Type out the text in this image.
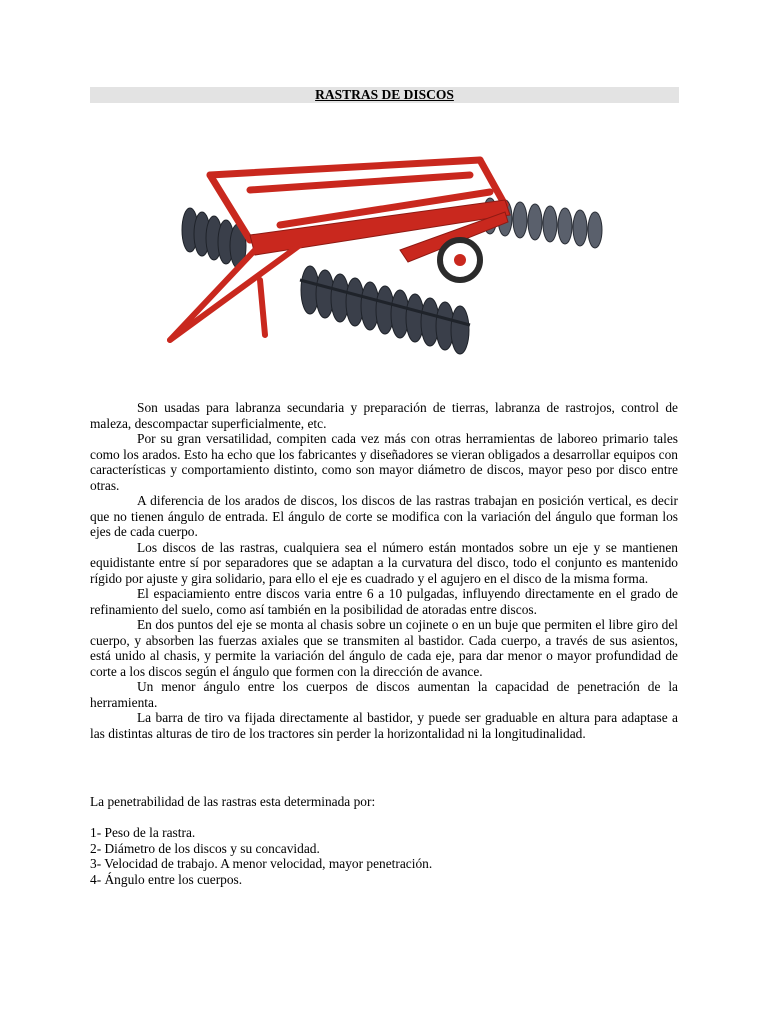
RASTRAS DE DISCOS

Son usadas para labranza secundaria y preparación de tierras, labranza de rastrojos, control de maleza, descompactar superficialmente, etc.

Por su gran versatilidad, compiten cada vez más con otras herramientas de laboreo primario tales como los arados. Esto ha echo que los fabricantes y diseñadores se vieran obligados a desarrollar equipos con características y comportamiento distinto, como son mayor diámetro de discos, mayor peso por disco entre otras.

A diferencia de los arados de discos, los discos de las rastras trabajan en posición vertical, es decir que no tienen ángulo de entrada. El ángulo de corte se modifica con la variación del ángulo que forman los ejes de cada cuerpo.

Los discos de las rastras, cualquiera sea el número están montados sobre un eje y se mantienen equidistante entre sí por separadores que se adaptan a la curvatura del disco, todo el conjunto es mantenido rígido por ajuste y gira solidario, para ello el eje es cuadrado y el agujero en el disco de la misma forma.

El espaciamiento entre discos varia entre 6 a 10 pulgadas, influyendo directamente en el grado de refinamiento del suelo, como así también en la posibilidad de atoradas entre discos.

En dos puntos del eje se monta al chasis sobre un cojinete o en un buje que permiten el libre giro del cuerpo, y absorben las fuerzas axiales que se transmiten al bastidor. Cada cuerpo, a través de sus asientos, está unido al chasis, y permite la variación del ángulo de cada eje, para dar menor o mayor profundidad de corte a los discos según el ángulo que formen con la dirección de avance.

Un menor ángulo entre los cuerpos de discos aumentan la capacidad de penetración de la herramienta.

La barra de tiro va fijada directamente al bastidor, y puede ser graduable en altura para adaptase a las distintas alturas de tiro de los tractores sin perder la horizontalidad ni la longitudinalidad.

La penetrabilidad de las rastras esta determinada por:
1- Peso de la rastra.
2- Diámetro de los discos y su concavidad.
3- Velocidad de trabajo. A menor velocidad, mayor penetración.
4- Ángulo entre los cuerpos.
